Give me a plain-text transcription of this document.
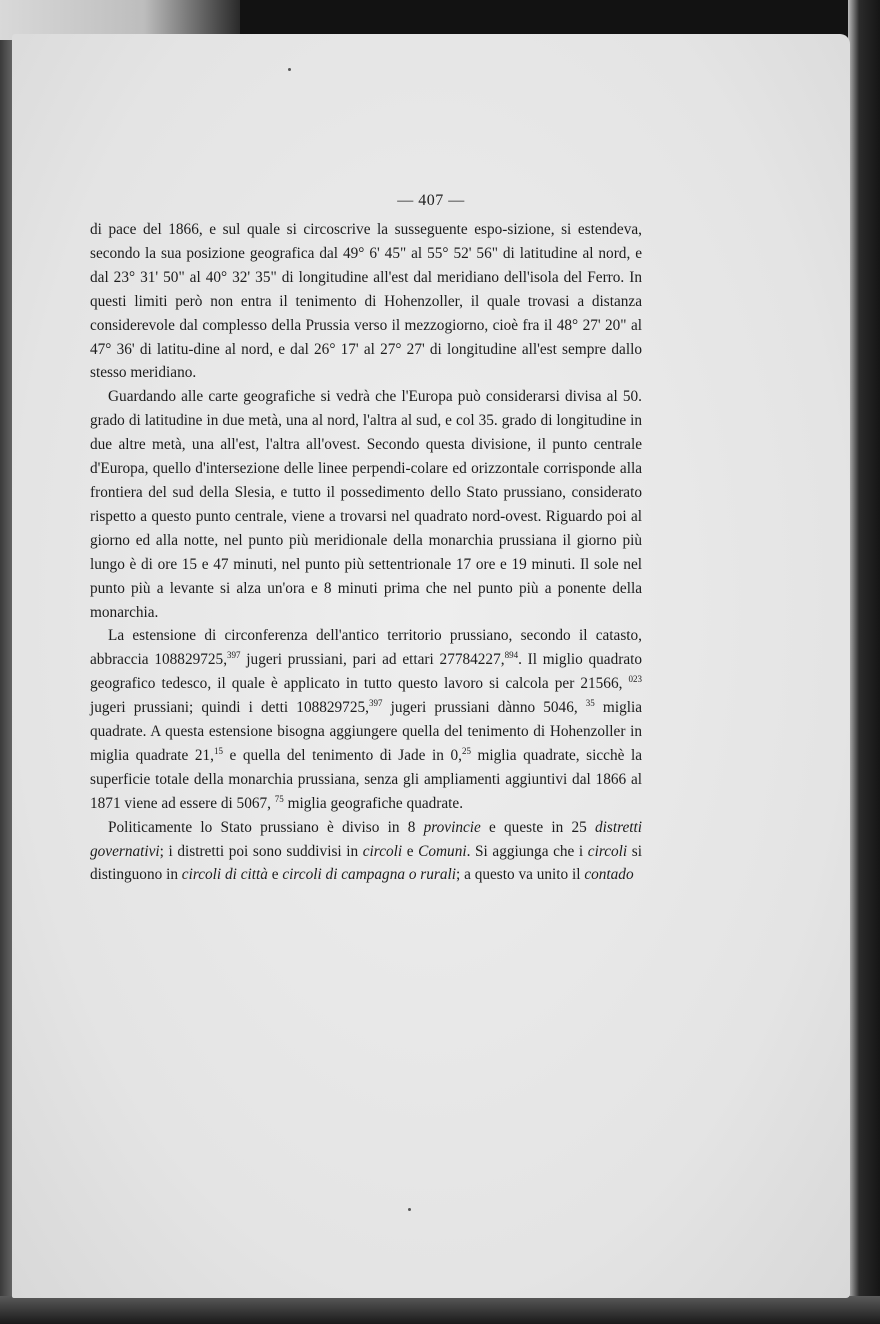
— 407 —

di pace del 1866, e sul quale si circoscrive la susseguente espo-sizione, si estendeva, secondo la sua posizione geografica dal 49° 6' 45" al 55° 52' 56" di latitudine al nord, e dal 23° 31' 50" al 40° 32' 35" di longitudine all'est dal meridiano dell'isola del Ferro. In questi limiti però non entra il tenimento di Hohenzoller, il quale trovasi a distanza considerevole dal complesso della Prussia verso il mezzogiorno, cioè fra il 48° 27' 20" al 47° 36' di latitu-dine al nord, e dal 26° 17' al 27° 27' di longitudine all'est sempre dallo stesso meridiano.

Guardando alle carte geografiche si vedrà che l'Europa può considerarsi divisa al 50. grado di latitudine in due metà, una al nord, l'altra al sud, e col 35. grado di longitudine in due altre metà, una all'est, l'altra all'ovest. Secondo questa divisione, il punto centrale d'Europa, quello d'intersezione delle linee perpendi-colare ed orizzontale corrisponde alla frontiera del sud della Slesia, e tutto il possedimento dello Stato prussiano, considerato rispetto a questo punto centrale, viene a trovarsi nel quadrato nord-ovest. Riguardo poi al giorno ed alla notte, nel punto più meridionale della monarchia prussiana il giorno più lungo è di ore 15 e 47 minuti, nel punto più settentrionale 17 ore e 19 minuti. Il sole nel punto più a levante si alza un'ora e 8 minuti prima che nel punto più a ponente della monarchia.

La estensione di circonferenza dell'antico territorio prussiano, secondo il catasto, abbraccia 108829725,$^{397}$ jugeri prussiani, pari ad ettari 27784227,$^{894}$. Il miglio quadrato geografico tedesco, il quale è applicato in tutto questo lavoro si calcola per 21566, $^{023}$ jugeri prussiani; quindi i detti 108829725,$^{397}$ jugeri prussiani dànno 5046, $^{35}$ miglia quadrate. A questa estensione bisogna aggiungere quella del tenimento di Hohenzoller in miglia quadrate 21,15 e quella del tenimento di Jade in 0,25 miglia quadrate, sicchè la superficie totale della monarchia prussiana, senza gli ampliamenti aggiuntivi dal 1866 al 1871 viene ad essere di 5067, $^{75}$ miglia geografiche quadrate.

Politicamente lo Stato prussiano è diviso in 8 provincie e queste in 25 distretti governativi; i distretti poi sono suddivisi in circoli e Comuni. Si aggiunga che i circoli si distinguono in circoli di città e circoli di campagna o rurali; a questo va unito il contado
